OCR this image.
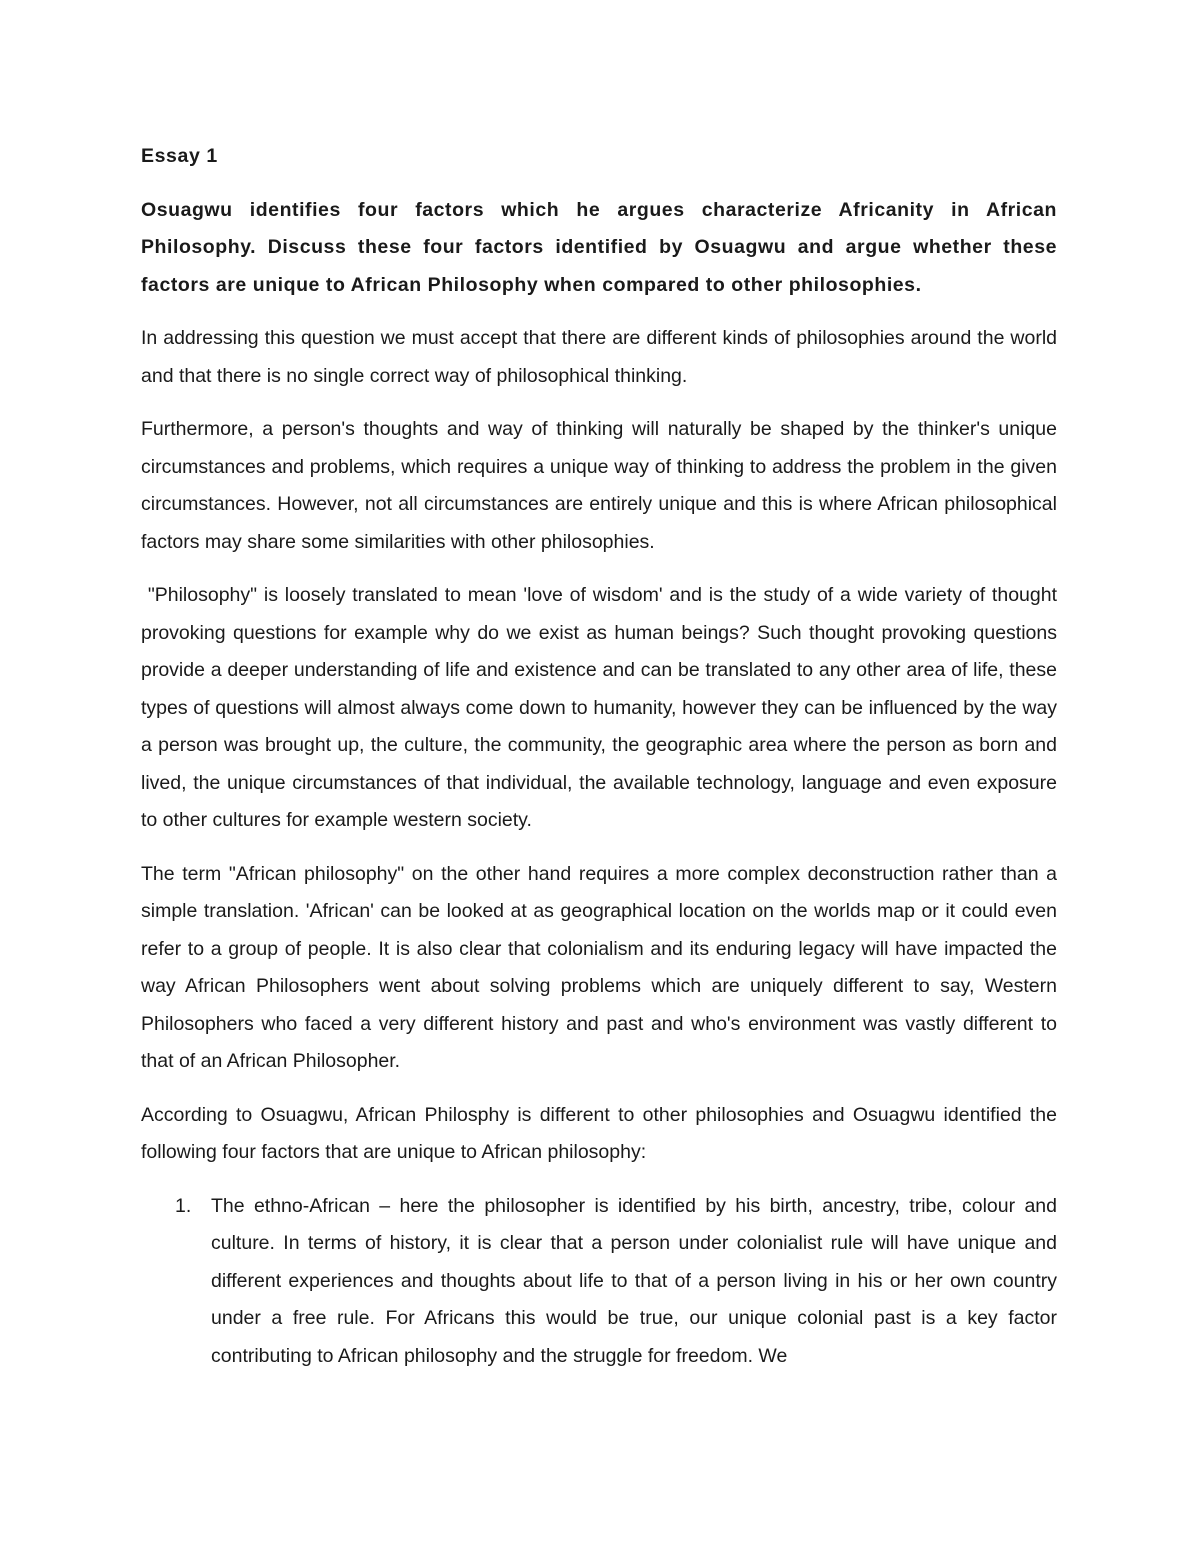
Essay 1
Osuagwu identifies four factors which he argues characterize Africanity in African Philosophy. Discuss these four factors identified by Osuagwu and argue whether these factors are unique to African Philosophy when compared to other philosophies.

In addressing this question we must accept that there are different kinds of philosophies around the world and that there is no single correct way of philosophical thinking.

Furthermore, a person's thoughts and way of thinking will naturally be shaped by the thinker's unique circumstances and problems, which requires a unique way of thinking to address the problem in the given circumstances. However, not all circumstances are entirely unique and this is where African philosophical factors may share some similarities with other philosophies.

"Philosophy" is loosely translated to mean 'love of wisdom' and is the study of a wide variety of thought provoking questions for example why do we exist as human beings? Such thought provoking questions provide a deeper understanding of life and existence and can be translated to any other area of life, these types of questions will almost always come down to humanity, however they can be influenced by the way a person was brought up, the culture, the community, the geographic area where the person as born and lived, the unique circumstances of that individual, the available technology, language and even exposure to other cultures for example western society.

The term "African philosophy" on the other hand requires a more complex deconstruction rather than a simple translation. 'African' can be looked at as geographical location on the worlds map or it could even refer to a group of people. It is also clear that colonialism and its enduring legacy will have impacted the way African Philosophers went about solving problems which are uniquely different to say, Western Philosophers who faced a very different history and past and who's environment was vastly different to that of an African Philosopher.

According to Osuagwu, African Philosphy is different to other philosophies and Osuagwu identified the following four factors that are unique to African philosophy:

1. The ethno-African – here the philosopher is identified by his birth, ancestry, tribe, colour and culture. In terms of history, it is clear that a person under colonialist rule will have unique and different experiences and thoughts about life to that of a person living in his or her own country under a free rule. For Africans this would be true, our unique colonial past is a key factor contributing to African philosophy and the struggle for freedom. We
